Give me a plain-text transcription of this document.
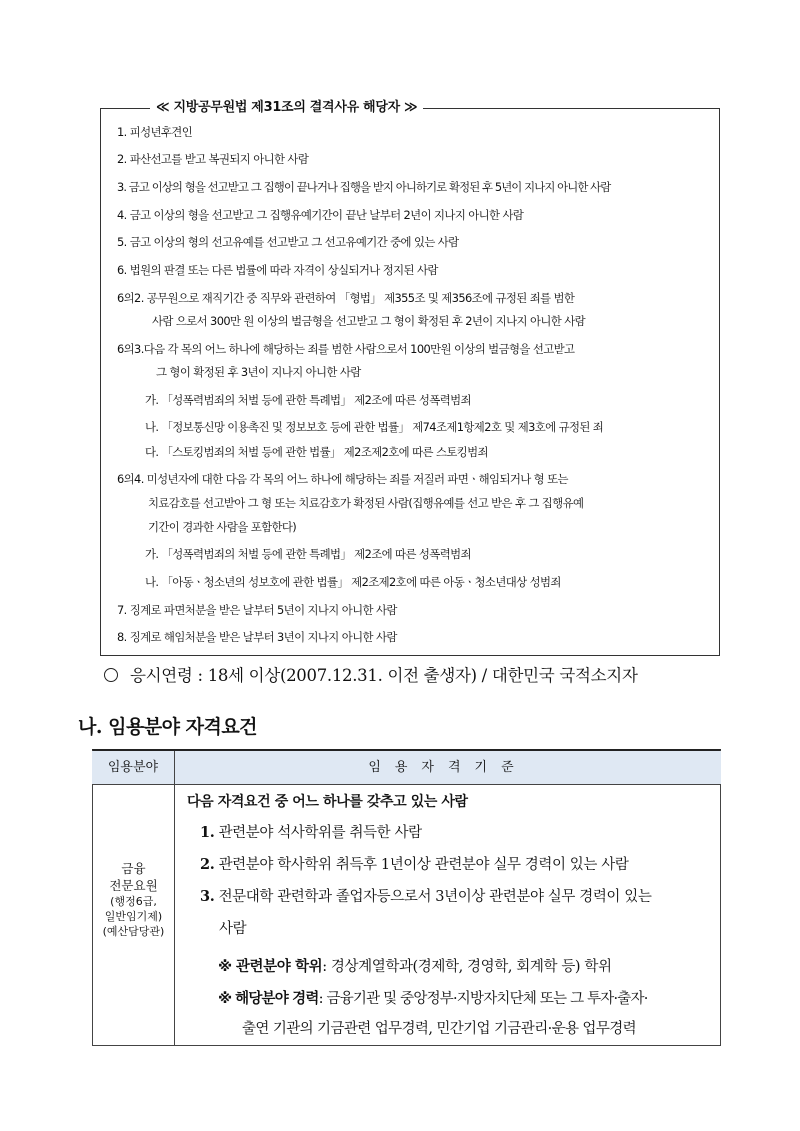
≪ 지방공무원법 제31조의 결격사유 해당자 ≫
1. 피성년후견인
2. 파산선고를 받고 복권되지 아니한 사람
3. 금고 이상의 형을 선고받고 그 집행이 끝나거나 집행을 받지 아니하기로 확정된 후 5년이 지나지 아니한 사람
4. 금고 이상의 형을 선고받고 그 집행유예기간이 끝난 날부터 2년이 지나지 아니한 사람
5. 금고 이상의 형의 선고유예를 선고받고 그 선고유예기간 중에 있는 사람
6. 법원의 판결 또는 다른 법률에 따라 자격이 상실되거나 정지된 사람
6의2. 공무원으로 재직기간 중 직무와 관련하여 「형법」 제355조 및 제356조에 규정된 죄를 범한
사람 으로서 300만 원 이상의 벌금형을 선고받고 그 형이 확정된 후 2년이 지나지 아니한 사람
6의3.다음 각 목의 어느 하나에 해당하는 죄를 범한 사람으로서 100만원 이상의 벌금형을 선고받고
그 형이 확정된 후 3년이 지나지 아니한 사람
가. 「성폭력범죄의 처벌 등에 관한 특례법」 제2조에 따른 성폭력범죄
나. 「정보통신망 이용촉진 및 정보보호 등에 관한 법률」 제74조제1항제2호 및 제3호에 규정된 죄
다. 「스토킹범죄의 처벌 등에 관한 법률」 제2조제2호에 따른 스토킹범죄
6의4. 미성년자에 대한 다음 각 목의 어느 하나에 해당하는 죄를 저질러 파면ㆍ해임되거나 형 또는
치료감호를 선고받아 그 형 또는 치료감호가 확정된 사람(집행유예를 선고 받은 후 그 집행유예
기간이 경과한 사람을 포함한다)
가. 「성폭력범죄의 처벌 등에 관한 특례법」 제2조에 따른 성폭력범죄
나. 「아동ㆍ청소년의 성보호에 관한 법률」 제2조제2호에 따른 아동ㆍ청소년대상 성범죄
7. 징계로 파면처분을 받은 날부터 5년이 지나지 아니한 사람
8. 징계로 해임처분을 받은 날부터 3년이 지나지 아니한 사람
응시연령 : 18세 이상(2007.12.31. 이전 출생자) / 대한민국 국적소지자
나. 임용분야 자격요건
임용분야	임용자격기준
금융
전문요원
(행정6급,
일반임기제)
(예산담당관)
다음 자격요건 중 어느 하나를 갖추고 있는 사람
1. 관련분야 석사학위를 취득한 사람
2. 관련분야 학사학위 취득후 1년이상 관련분야 실무 경력이 있는 사람
3. 전문대학 관련학과 졸업자등으로서 3년이상 관련분야 실무 경력이 있는
사람
※ 관련분야 학위: 경상계열학과(경제학, 경영학, 회계학 등) 학위
※ 해당분야 경력: 금융기관 및 중앙정부·지방자치단체 또는 그 투자·출자·
출연 기관의 기금관련 업무경력, 민간기업 기금관리·운용 업무경력
